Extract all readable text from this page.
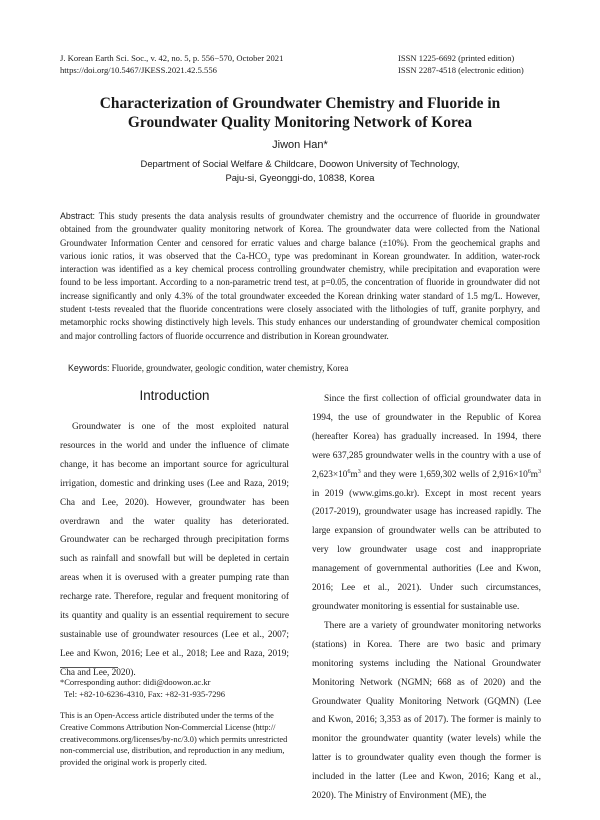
J. Korean Earth Sci. Soc., v. 42, no. 5, p. 556−570, October 2021
https://doi.org/10.5467/JKESS.2021.42.5.556
ISSN 1225-6692 (printed edition)
ISSN 2287-4518 (electronic edition)
Characterization of Groundwater Chemistry and Fluoride in
Groundwater Quality Monitoring Network of Korea
Jiwon Han*
Department of Social Welfare & Childcare, Doowon University of Technology,
Paju-si, Gyeonggi-do, 10838, Korea
Abstract: This study presents the data analysis results of groundwater chemistry and the occurrence of fluoride in groundwater obtained from the groundwater quality monitoring network of Korea. The groundwater data were collected from the National Groundwater Information Center and censored for erratic values and charge balance (±10%). From the geochemical graphs and various ionic ratios, it was observed that the $Ca-HCO_3$ type was predominant in Korean groundwater. In addition, water-rock interaction was identified as a key chemical process controlling groundwater chemistry, while precipitation and evaporation were found to be less important. According to a non-parametric trend test, at p=0.05, the concentration of fluoride in groundwater did not increase significantly and only 4.3% of the total groundwater exceeded the Korean drinking water standard of 1.5 mg/L. However, student t-tests revealed that the fluoride concentrations were closely associated with the lithologies of tuff, granite porphyry, and metamorphic rocks showing distinctively high levels. This study enhances our understanding of groundwater chemical composition and major controlling factors of fluoride occurrence and distribution in Korean groundwater.
Keywords: Fluoride, groundwater, geologic condition, water chemistry, Korea
Introduction

Groundwater is one of the most exploited natural resources in the world and under the influence of climate change, it has become an important source for agricultural irrigation, domestic and drinking uses (Lee and Raza, 2019; Cha and Lee, 2020). However, groundwater has been overdrawn and the water quality has deteriorated. Groundwater can be recharged through precipitation forms such as rainfall and snowfall but will be depleted in certain areas when it is overused with a greater pumping rate than recharge rate. Therefore, regular and frequent monitoring of its quantity and quality is an essential requirement to secure sustainable use of groundwater resources (Lee et al., 2007; Lee and Kwon, 2016; Lee et al., 2018; Lee and Raza, 2019; Cha and Lee, 2020).

Since the first collection of official groundwater data in 1994, the use of groundwater in the Republic of Korea (hereafter Korea) has gradually increased. In 1994, there were 637,285 groundwater wells in the country with a use of $2,623\times 10^6m^3$ and they were 1,659,302 wells of $2,916\times 10^6m^3$ in 2019 (www.gims.go.kr). Except in most recent years (2017-2019), groundwater usage has increased rapidly. The large expansion of groundwater wells can be attributed to very low groundwater usage cost and inappropriate management of governmental authorities (Lee and Kwon, 2016; Lee et al., 2021). Under such circumstances, groundwater monitoring is essential for sustainable use.

There are a variety of groundwater monitoring networks (stations) in Korea. There are two basic and primary monitoring systems including the National Groundwater Monitoring Network (NGMN; 668 as of 2020) and the Groundwater Quality Monitoring Network (GQMN) (Lee and Kwon, 2016; 3,353 as of 2017). The former is mainly to monitor the groundwater quantity (water levels) while the latter is to groundwater quality even though the former is included in the latter (Lee and Kwon, 2016; Kang et al., 2020). The Ministry of Environment (ME), the

*Corresponding author: didi@doowon.ac.kr
Tel: +82-10-6236-4310, Fax: +82-31-935-7296
This is an Open-Access article distributed under the terms of the Creative Commons Attribution Non-Commercial License (http:// creativecommons.org/licenses/by-nc/3.0) which permits unrestricted non-commercial use, distribution, and reproduction in any medium, provided the original work is properly cited.
